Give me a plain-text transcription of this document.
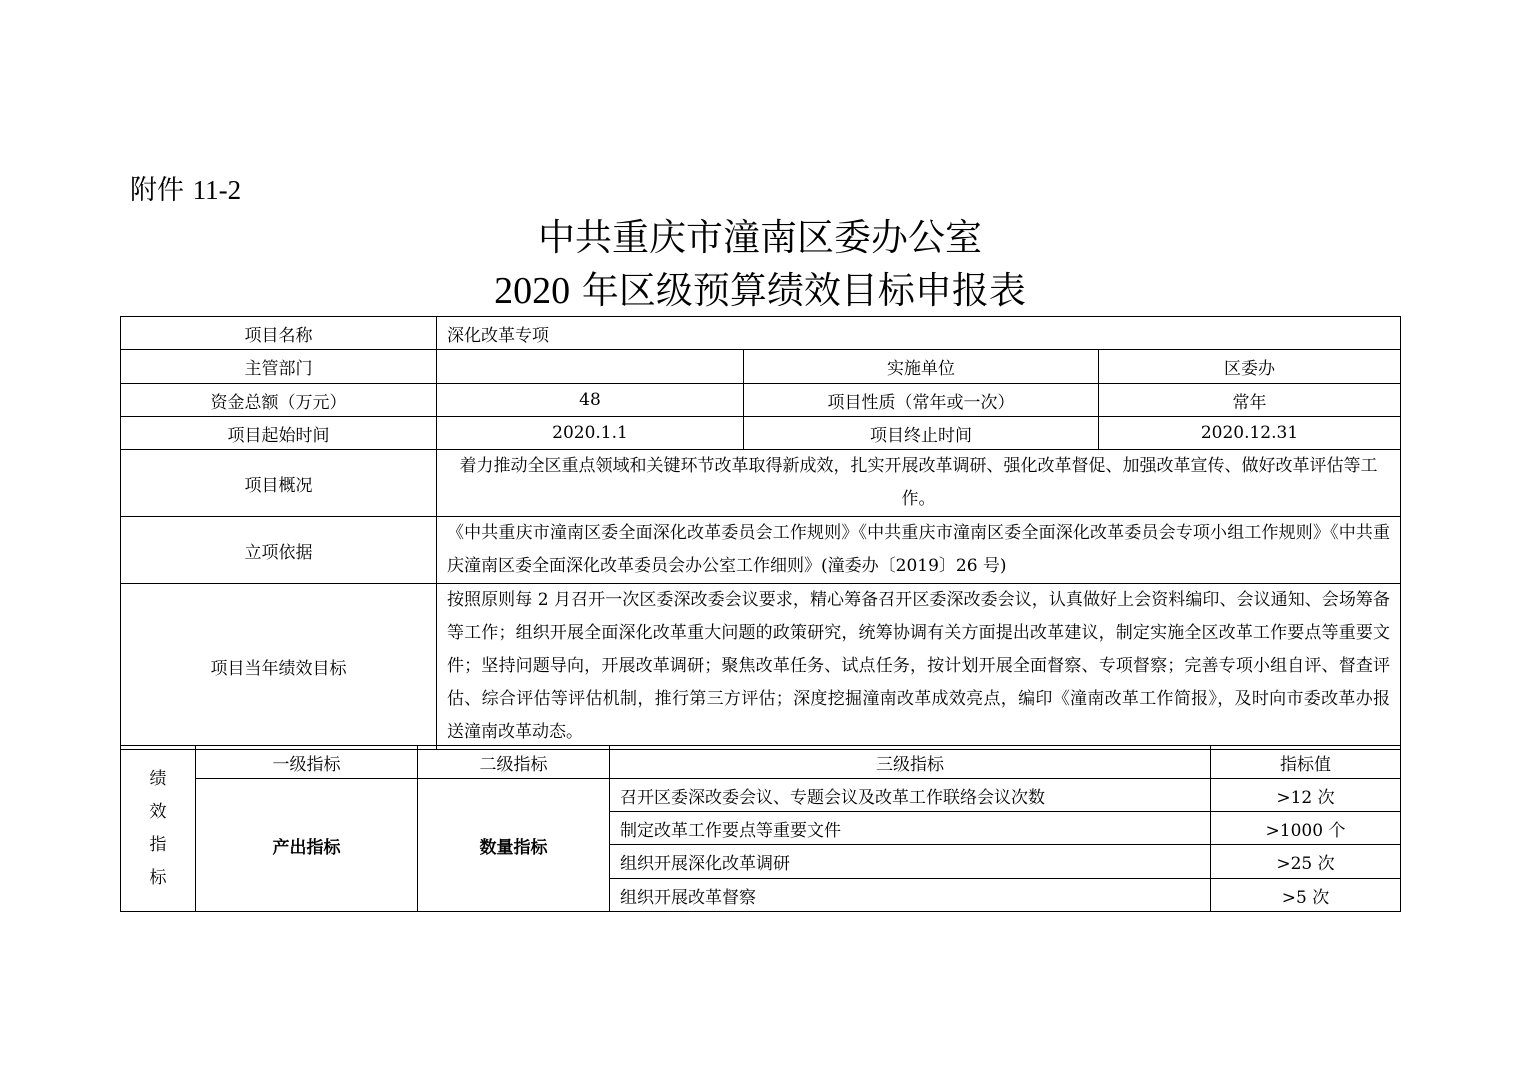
附件 11-2
中共重庆市潼南区委办公室
2020 年区级预算绩效目标申报表
项目名称	深化改革专项		
主管部门		实施单位	区委办
资金总额（万元）	48	项目性质（常年或一次）	常年
项目起始时间	2020.1.1	项目终止时间	2020.12.31
项目概况	着力推动全区重点领域和关键环节改革取得新成效，扎实开展改革调研、强化改革督促、加强改革宣传、做好改革评估等工作。		
立项依据	《中共重庆市潼南区委全面深化改革委员会工作规则》《中共重庆市潼南区委全面深化改革委员会专项小组工作规则》《中共重庆潼南区委全面深化改革委员会办公室工作细则》(潼委办〔2019〕26 号)		
项目当年绩效目标	按照原则每 2 月召开一次区委深改委会议要求，精心筹备召开区委深改委会议，认真做好上会资料编印、会议通知、会场筹备等工作；组织开展全面深化改革重大问题的政策研究，统筹协调有关方面提出改革建议，制定实施全区改革工作要点等重要文件；坚持问题导向，开展改革调研；聚焦改革任务、试点任务，按计划开展全面督察、专项督察；完善专项小组自评、督查评估、综合评估等评估机制，推行第三方评估；深度挖掘潼南改革成效亮点，编印《潼南改革工作简报》，及时向市委改革办报送潼南改革动态。		
绩
效
指
标	一级指标	二级指标	三级指标	指标值
	产出指标	数量指标	召开区委深改委会议、专题会议及改革工作联络会议次数	>12 次
			制定改革工作要点等重要文件	>1000 个
			组织开展深化改革调研	>25 次
			组织开展改革督察	>5 次
